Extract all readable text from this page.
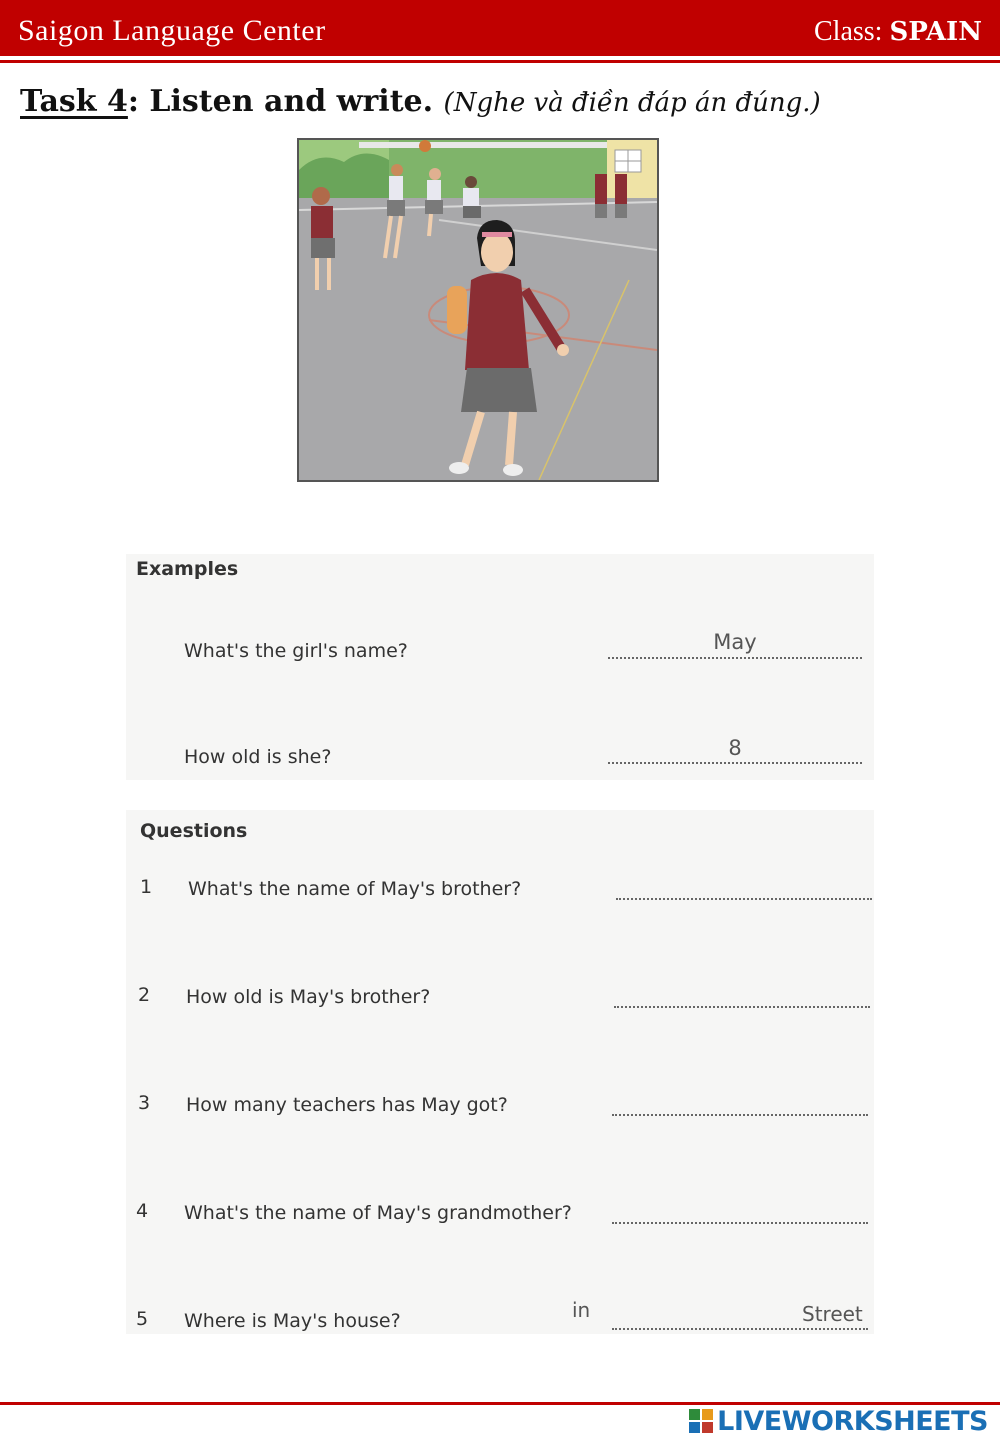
Saigon Language Center	Class: SPAIN
Task 4: Listen and write. (Nghe và điền đáp án đúng.)
Examples
What's the girl's name?	May
How old is she?	8
Questions
1 What's the name of May's brother?
2 How old is May's brother?
3 How many teachers has May got?
4 What's the name of May's grandmother?
5 Where is May's house?	in	Street
LIVEWORKSHEETS
